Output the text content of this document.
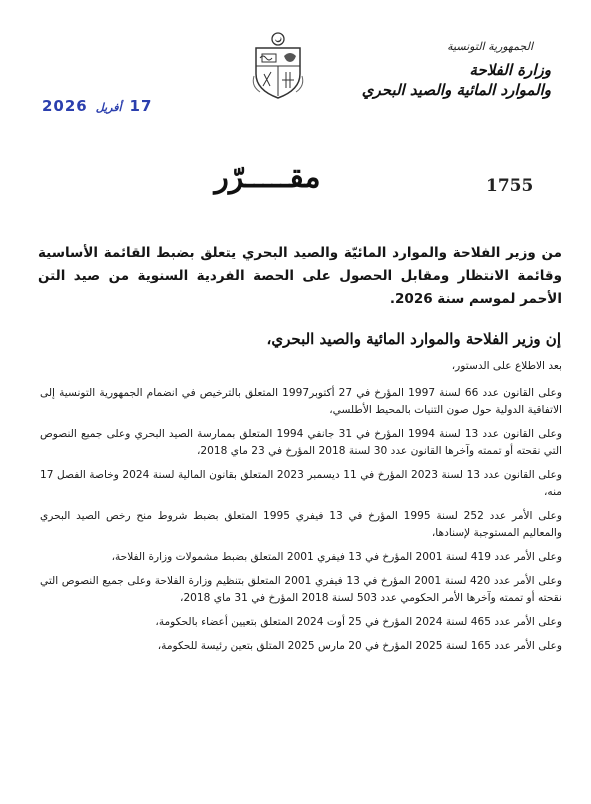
الجمهورية التونسية
وزارة الفلاحة
والموارد المائية والصيد البحري
2026 أفريل 17
1755
مقـــــرّر
من وزير الفلاحة والموارد المائيّة والصيد البحري يتعلق بضبط القائمة الأساسية وقائمة الانتظار ومقابل الحصول على الحصة الفردية السنوية من صيد التن الأحمر لموسم سنة 2026.
إن وزير الفلاحة والموارد المائية والصيد البحري،

بعد الاطلاع على الدستور،

وعلى القانون عدد 66 لسنة 1997 المؤرخ في 27 أكتوبر1997 المتعلق بالترخيص في انضمام الجمهورية التونسية إلى الاتفاقية الدولية حول صون التنيات بالمحيط الأطلسي،

وعلى القانون عدد 13 لسنة 1994 المؤرخ في 31 جانفي 1994 المتعلق بممارسة الصيد البحري وعلى جميع النصوص التي نقحته أو تممته وآخرها القانون عدد 30 لسنة 2018 المؤرخ في 23 ماي 2018،

وعلى القانون عدد 13 لسنة 2023 المؤرخ في 11 ديسمبر 2023 المتعلق بقانون المالية لسنة 2024 وخاصة الفصل 17 منه،

وعلى الأمر عدد 252 لسنة 1995 المؤرخ في 13 فيفري 1995 المتعلق بضبط شروط منح رخص الصيد البحري والمعاليم المستوجبة لإسنادها،

وعلى الأمر عدد 419 لسنة 2001 المؤرخ في 13 فيفري 2001 المتعلق بضبط مشمولات وزارة الفلاحة،

وعلى الأمر عدد 420 لسنة 2001 المؤرخ في 13 فيفري 2001 المتعلق بتنظيم وزارة الفلاحة وعلى جميع النصوص التي نقحته أو تممته وآخرها الأمر الحكومي عدد 503 لسنة 2018 المؤرخ في 31 ماي 2018،

وعلى الأمر عدد 465 لسنة 2024 المؤرخ في 25 أوت 2024 المتعلق بتعيين أعضاء بالحكومة،

وعلى الأمر عدد 165 لسنة 2025 المؤرخ في 20 مارس 2025 المتلق بتعين رئيسة للحكومة،
